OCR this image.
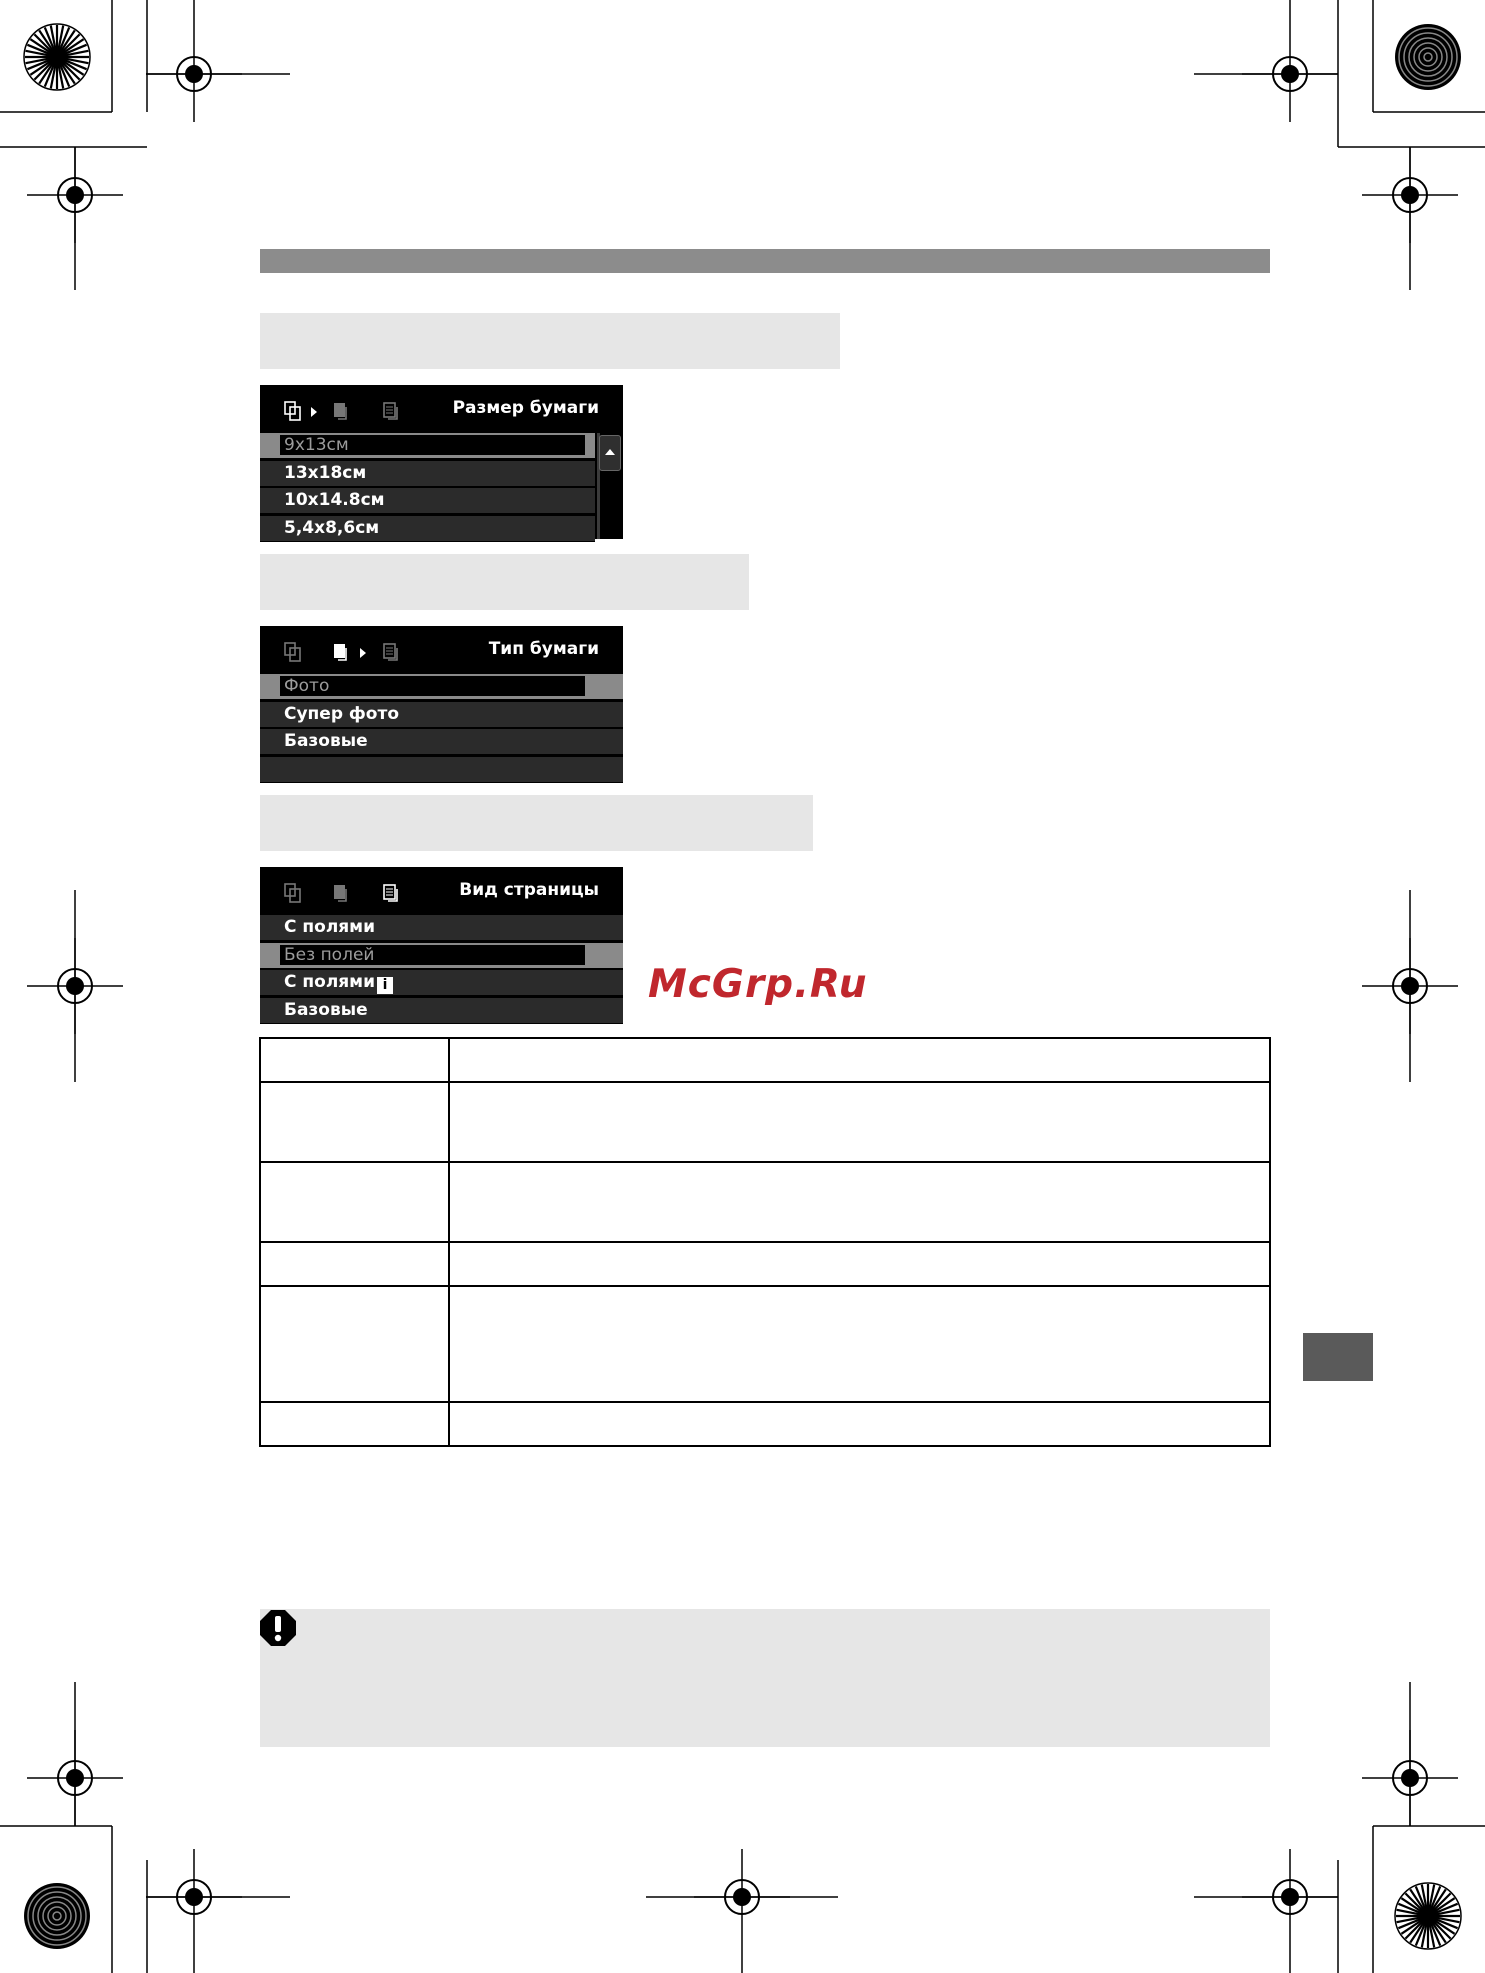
Размер бумаги
9x13см
13x18см
10x14.8см
5,4x8,6см
Тип бумаги
Фото
Супер фото
Базовые
Вид страницы
С полями
Без полей
С полями i
Базовые
McGrp.Ru
